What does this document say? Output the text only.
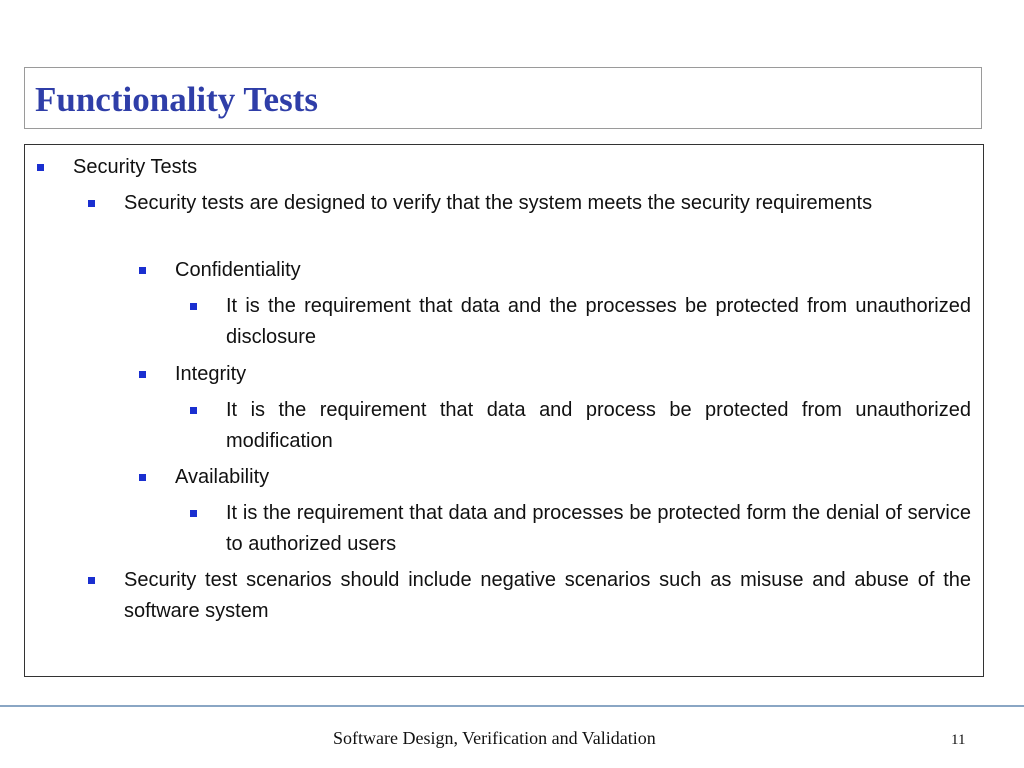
Functionality Tests
Security Tests
Security tests are designed to verify that the system meets the security requirements
Confidentiality
It is the requirement that data and the processes be protected from unauthorized disclosure
Integrity
It is the requirement that data and process be protected from unauthorized modification
Availability
It is the requirement that data and processes be protected form the denial of service to authorized users
Security test scenarios should include negative scenarios such as misuse and abuse of the software system
Software Design, Verification and Validation	11
